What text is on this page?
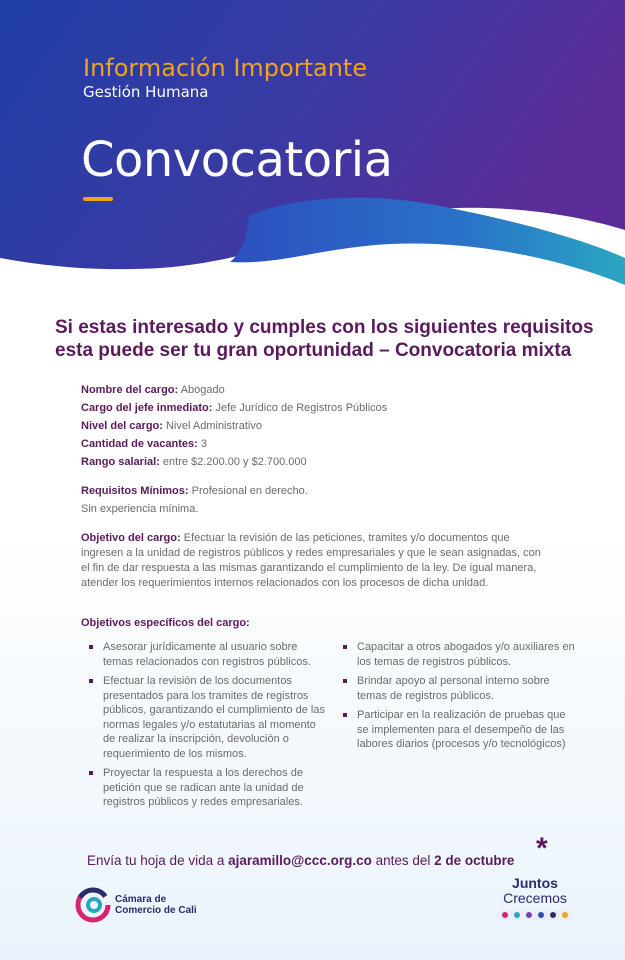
Información Importante
Gestión Humana
Convocatoria
Si estas interesado y cumples con los siguientes requisitos
esta puede ser tu gran oportunidad – Convocatoria mixta
Nombre del cargo: Abogado
Cargo del jefe inmediato: Jefe Jurídico de Registros Públicos
Nivel del cargo: Nivel Administrativo
Cantidad de vacantes: 3
Rango salarial: entre $2.200.00 y $2.700.000
Requisitos Mínimos: Profesional en derecho.
Sin experiencia mínima.
Objetivo del cargo: Efectuar la revisión de las peticiones, tramites y/o documentos que ingresen a la unidad de registros públicos y redes empresariales y que le sean asignadas, con el fin de dar respuesta a las mismas garantizando el cumplimiento de la ley. De igual manera, atender los requerimientos internos relacionados con los procesos de dicha unidad.
Objetivos específicos del cargo:
Asesorar jurídicamente al usuario sobre temas relacionados con registros públicos.
Efectuar la revisión de los documentos presentados para los tramites de registros públicos, garantizando el cumplimiento de las normas legales y/o estatutarias al momento de realizar la inscripción, devolución o requerimiento de los mismos.
Proyectar la respuesta a los derechos de petición que se radican ante la unidad de registros públicos y redes empresariales.
Capacitar a otros abogados y/o auxiliares en los temas de registros públicos.
Brindar apoyo al personal interno sobre temas de registros públicos.
Participar en la realización de pruebas que se implementen para el desempeño de las labores diarios (procesos y/o tecnológicos)
Envía tu hoja de vida a ajaramillo@ccc.org.co antes del 2 de octubre *
Cámara de
Comercio de Cali
Juntos
Crecemos
